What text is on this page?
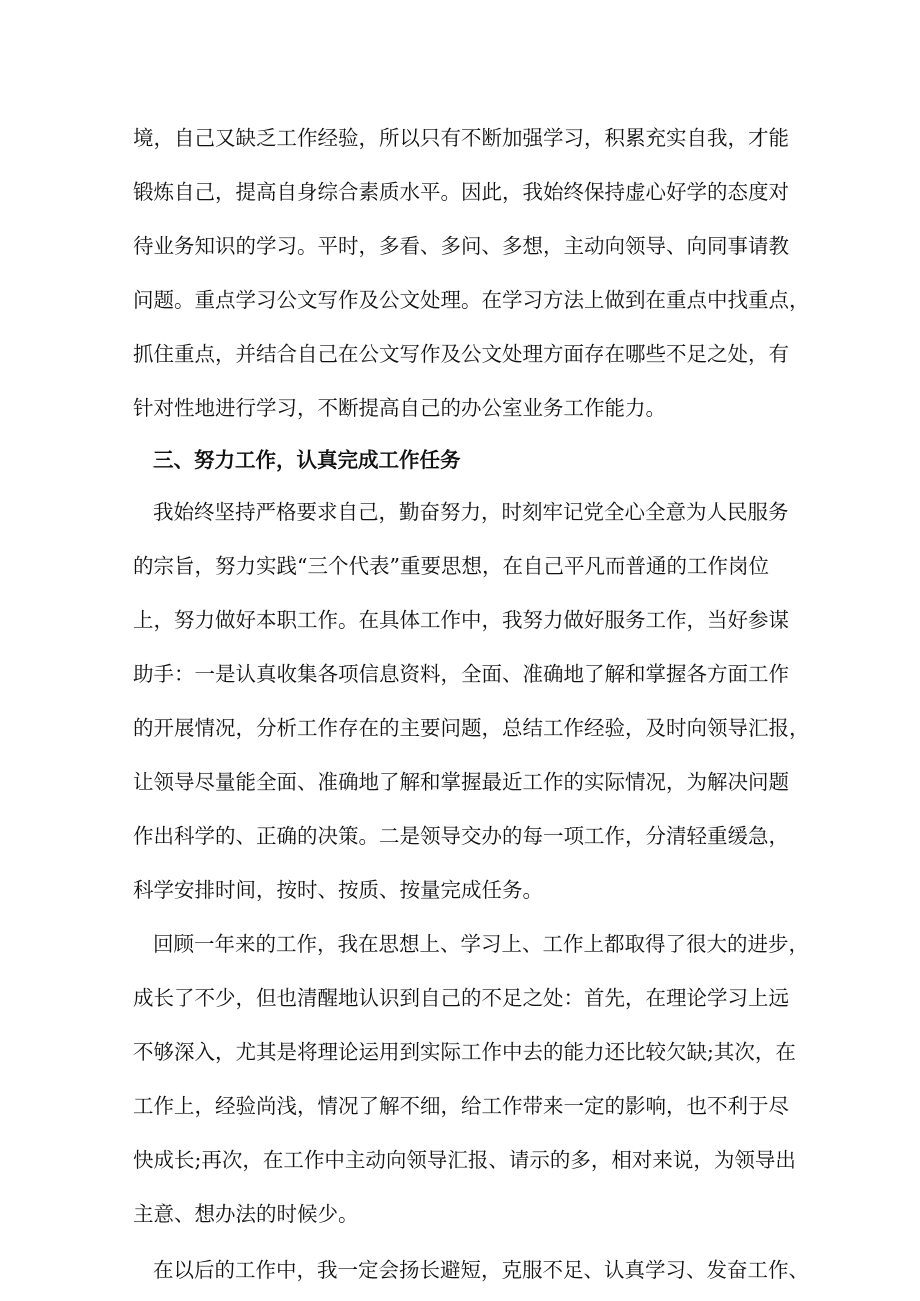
境，自己又缺乏工作经验，所以只有不断加强学习，积累充实自我，才能
锻炼自己，提高自身综合素质水平。因此，我始终保持虚心好学的态度对
待业务知识的学习。平时，多看、多问、多想，主动向领导、向同事请教
问题。重点学习公文写作及公文处理。在学习方法上做到在重点中找重点，
抓住重点，并结合自己在公文写作及公文处理方面存在哪些不足之处，有
针对性地进行学习，不断提高自己的办公室业务工作能力。
三、努力工作，认真完成工作任务
我始终坚持严格要求自己，勤奋努力，时刻牢记党全心全意为人民服务
的宗旨，努力实践“三个代表”重要思想，在自己平凡而普通的工作岗位
上，努力做好本职工作。在具体工作中，我努力做好服务工作，当好参谋
助手：一是认真收集各项信息资料，全面、准确地了解和掌握各方面工作
的开展情况，分析工作存在的主要问题，总结工作经验，及时向领导汇报，
让领导尽量能全面、准确地了解和掌握最近工作的实际情况，为解决问题
作出科学的、正确的决策。二是领导交办的每一项工作，分清轻重缓急，
科学安排时间，按时、按质、按量完成任务。
回顾一年来的工作，我在思想上、学习上、工作上都取得了很大的进步，
成长了不少，但也清醒地认识到自己的不足之处：首先，在理论学习上远
不够深入，尤其是将理论运用到实际工作中去的能力还比较欠缺;其次，在
工作上，经验尚浅，情况了解不细，给工作带来一定的影响，也不利于尽
快成长;再次，在工作中主动向领导汇报、请示的多，相对来说，为领导出
主意、想办法的时候少。
在以后的工作中，我一定会扬长避短，克服不足、认真学习、发奋工作、
